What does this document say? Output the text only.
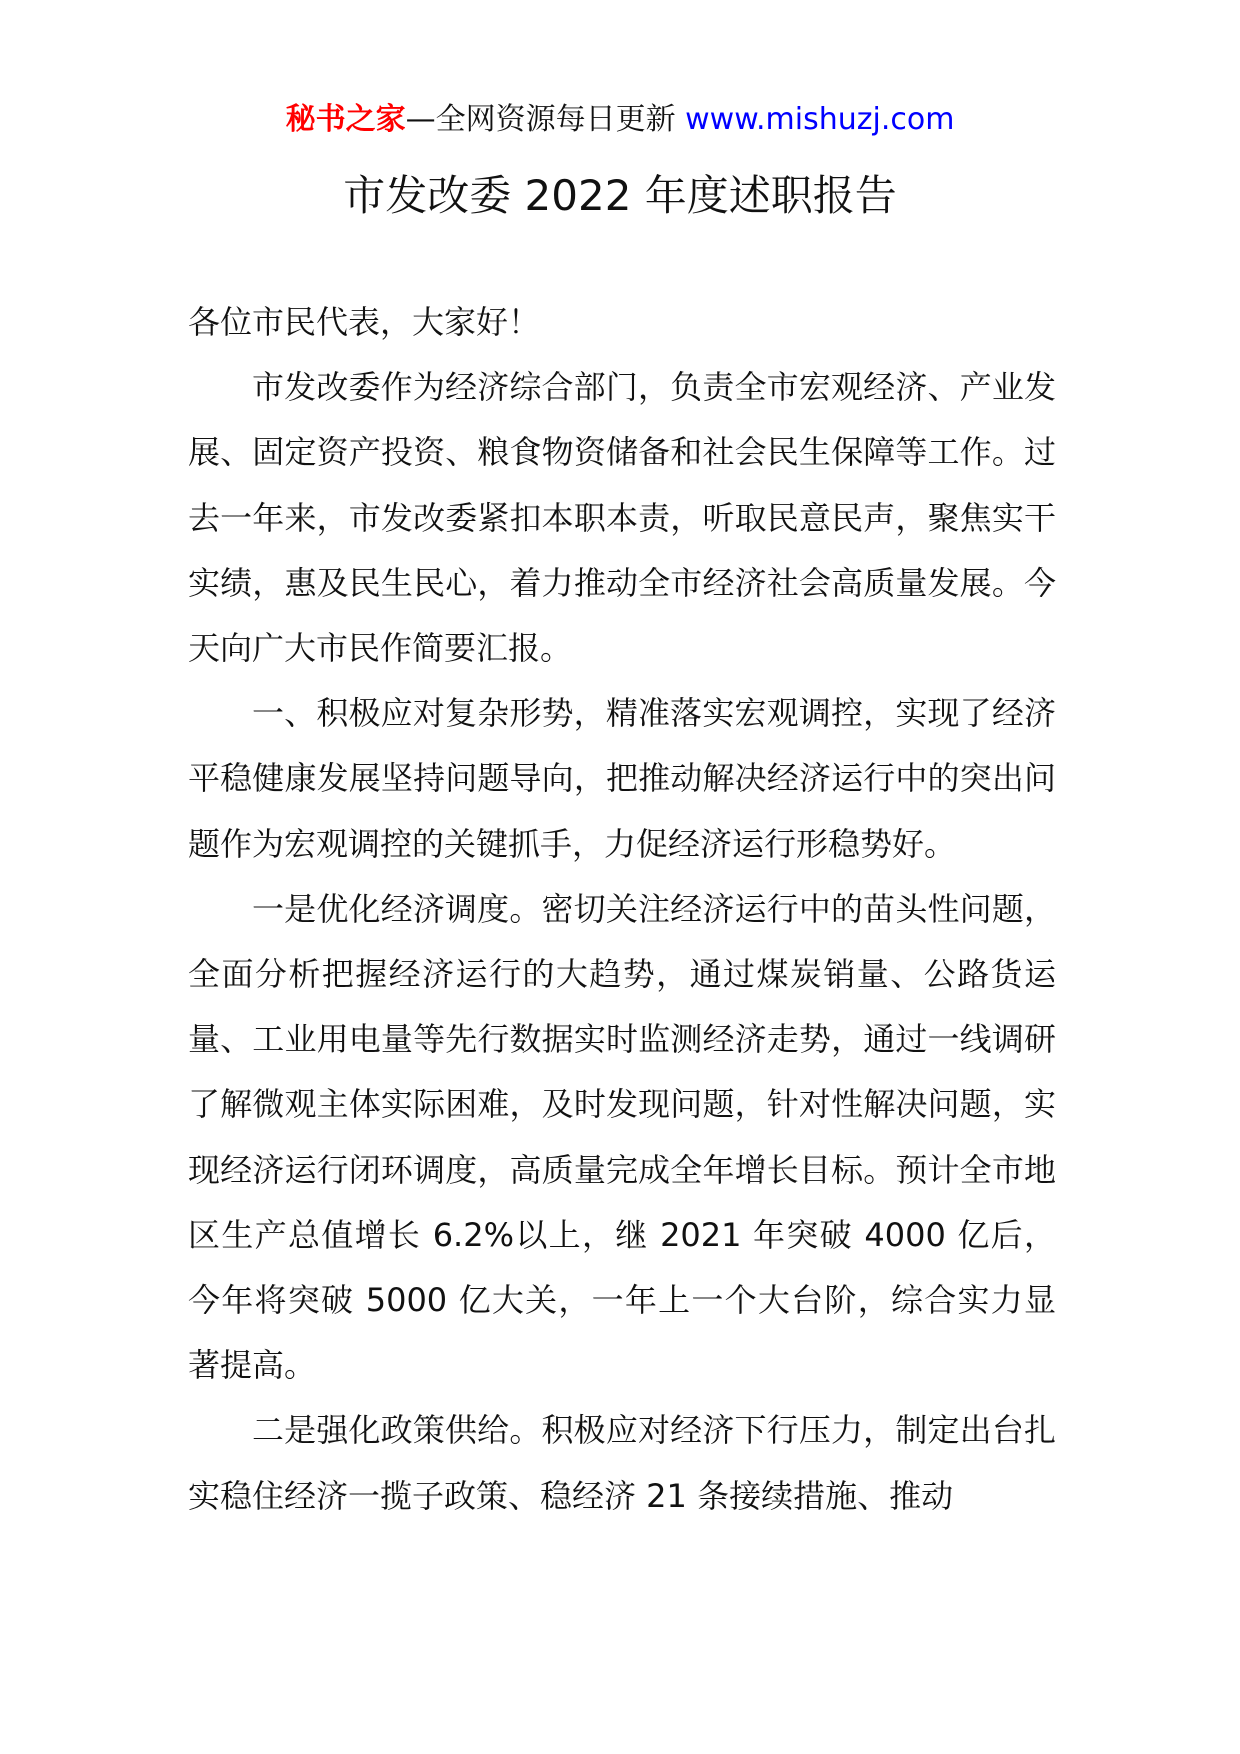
秘书之家—全网资源每日更新 www.mishuzj.com
市发改委 2022 年度述职报告

各位市民代表，大家好！

市发改委作为经济综合部门，负责全市宏观经济、产业发展、固定资产投资、粮食物资储备和社会民生保障等工作。过去一年来，市发改委紧扣本职本责，听取民意民声，聚焦实干实绩，惠及民生民心，着力推动全市经济社会高质量发展。今天向广大市民作简要汇报。

一、积极应对复杂形势，精准落实宏观调控，实现了经济平稳健康发展坚持问题导向，把推动解决经济运行中的突出问题作为宏观调控的关键抓手，力促经济运行形稳势好。

一是优化经济调度。密切关注经济运行中的苗头性问题，全面分析把握经济运行的大趋势，通过煤炭销量、公路货运量、工业用电量等先行数据实时监测经济走势，通过一线调研了解微观主体实际困难，及时发现问题，针对性解决问题，实现经济运行闭环调度，高质量完成全年增长目标。预计全市地区生产总值增长 6.2%以上，继 2021 年突破 4000 亿后，今年将突破 5000 亿大关，一年上一个大台阶，综合实力显著提高。

二是强化政策供给。积极应对经济下行压力，制定出台扎实稳住经济一揽子政策、稳经济 21 条接续措施、推动
